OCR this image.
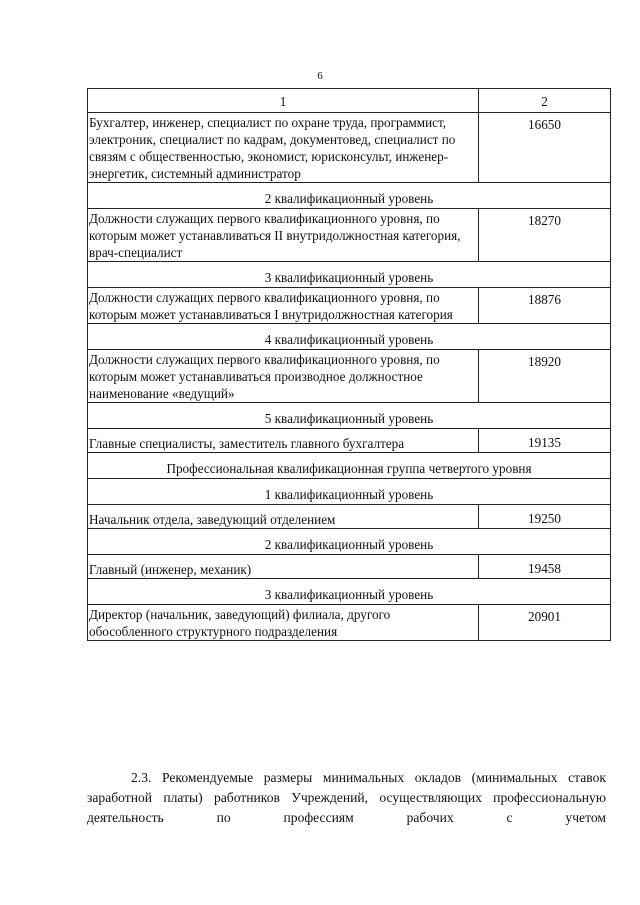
6
1	2
Бухгалтер, инженер, специалист по охране труда, программист, электроник, специалист по кадрам, документовед, специалист по связям с общественностью, экономист, юрисконсульт, инженер-энергетик, системный администратор	16650
2 квалификационный уровень	
Должности служащих первого квалификационного уровня, по которым может устанавливаться II внутридолжностная категория, врач-специалист	18270
3 квалификационный уровень	
Должности служащих первого квалификационного уровня, по которым может устанавливаться I внутридолжностная категория	18876
4 квалификационный уровень	
Должности служащих первого квалификационного уровня, по которым может устанавливаться производное должностное наименование «ведущий»	18920
5 квалификационный уровень	
Главные специалисты, заместитель главного бухгалтера	19135
Профессиональная квалификационная группа четвертого уровня	
1 квалификационный уровень	
Начальник отдела, заведующий отделением	19250
2 квалификационный уровень	
Главный (инженер, механик)	19458
3 квалификационный уровень	
Директор (начальник, заведующий) филиала, другого обособленного структурного подразделения	20901
2.3. Рекомендуемые размеры минимальных окладов (минимальных ставок заработной платы) работников Учреждений, осуществляющих профессиональную деятельность по профессиям рабочих с учетом
